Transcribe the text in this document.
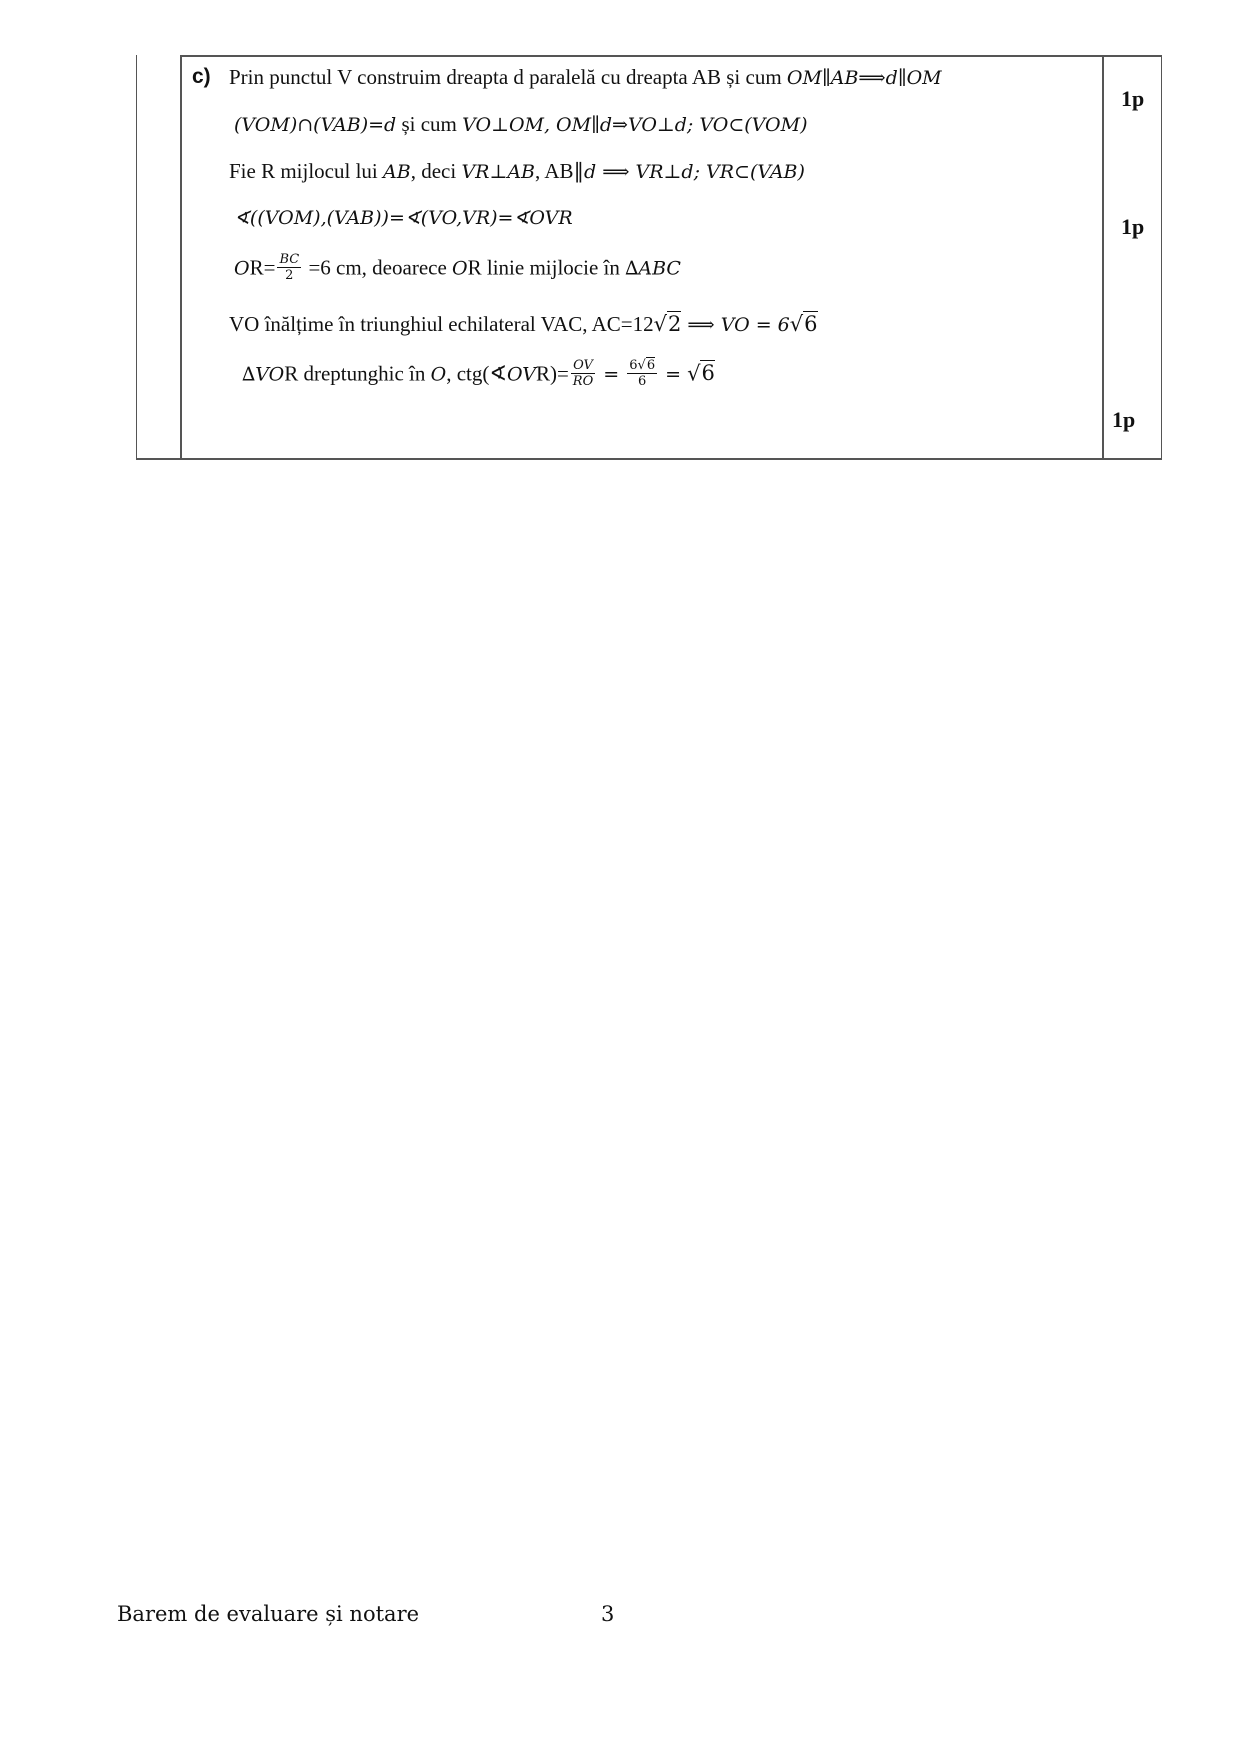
c) Prin punctul V construim dreapta d paralelă cu dreapta AB și cum OM∥AB⟹d∥OM
(VOM)∩(VAB)=d și cum VO⊥OM, OM∥d⇒VO⊥d; VO⊂(VOM)
Fie R mijlocul lui AB, deci VR⊥AB, AB∥d ⟹ VR⊥d; VR⊂(VAB)
∢((VOM),(VAB))=∢(VO,VR)=∢OVR
$OR= \frac{BC}{2} =6$ cm, deoarece OR linie mijlocie în ∆ABC
VO înălțime în triunghiul echilateral VAC, AC=12√2 ⟹ VO = 6√6
∆VOR dreptunghic în O, ctg(∢OVR)= $\frac{OV}{RO} = \frac{6√6}{6} = √6$
1p
1p
1p
Barem de evaluare și notare	3
